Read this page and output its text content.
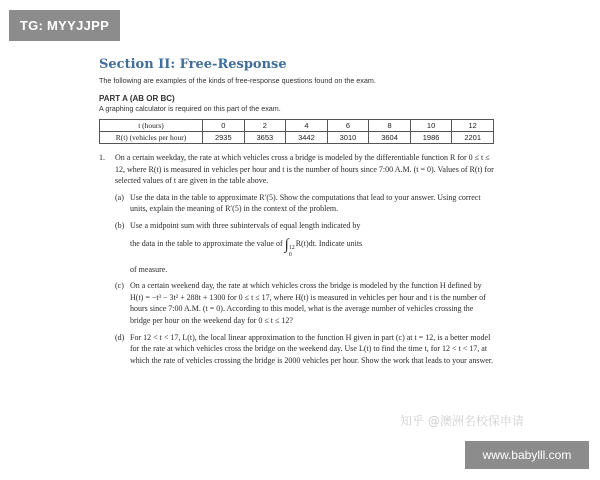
TG: MYYJJPP
Section II: Free-Response
The following are examples of the kinds of free-response questions found on the exam.
PART A (AB OR BC)
A graphing calculator is required on this part of the exam.
t (hours)	0	2	4	6	8	10	12
R(t) (vehicles per hour)	2935	3653	3442	3010	3604	1986	2201
1. On a certain weekday, the rate at which vehicles cross a bridge is modeled by the differentiable function R for 0 ≤ t ≤ 12, where R(t) is measured in vehicles per hour and t is the number of hours since 7:00 A.M. (t = 0). Values of R(t) for selected values of t are given in the table above.
(a) Use the data in the table to approximate R′(5). Show the computations that lead to your answer. Using correct units, explain the meaning of R′(5) in the context of the problem.
(b) Use a midpoint sum with three subintervals of equal length indicated by
the data in the table to approximate the value of ∫ 12
0
R(t)dt. Indicate units
of measure.
(c) On a certain weekend day, the rate at which vehicles cross the bridge is modeled by the function H defined by H(t) = −t³ − 3t² + 288t + 1300 for 0 ≤ t ≤ 17, where H(t) is measured in vehicles per hour and t is the number of hours since 7:00 A.M. (t = 0). According to this model, what is the average number of vehicles crossing the bridge per hour on the weekend day for 0 ≤ t ≤ 12?
(d) For 12 < t < 17, L(t), the local linear approximation to the function H given in part (c) at t = 12, is a better model for the rate at which vehicles cross the bridge on the weekend day. Use L(t) to find the time t, for 12 < t < 17, at which the rate of vehicles crossing the bridge is 2000 vehicles per hour. Show the work that leads to your answer.
知乎 @澳洲名校保申请
www.babylll.com
